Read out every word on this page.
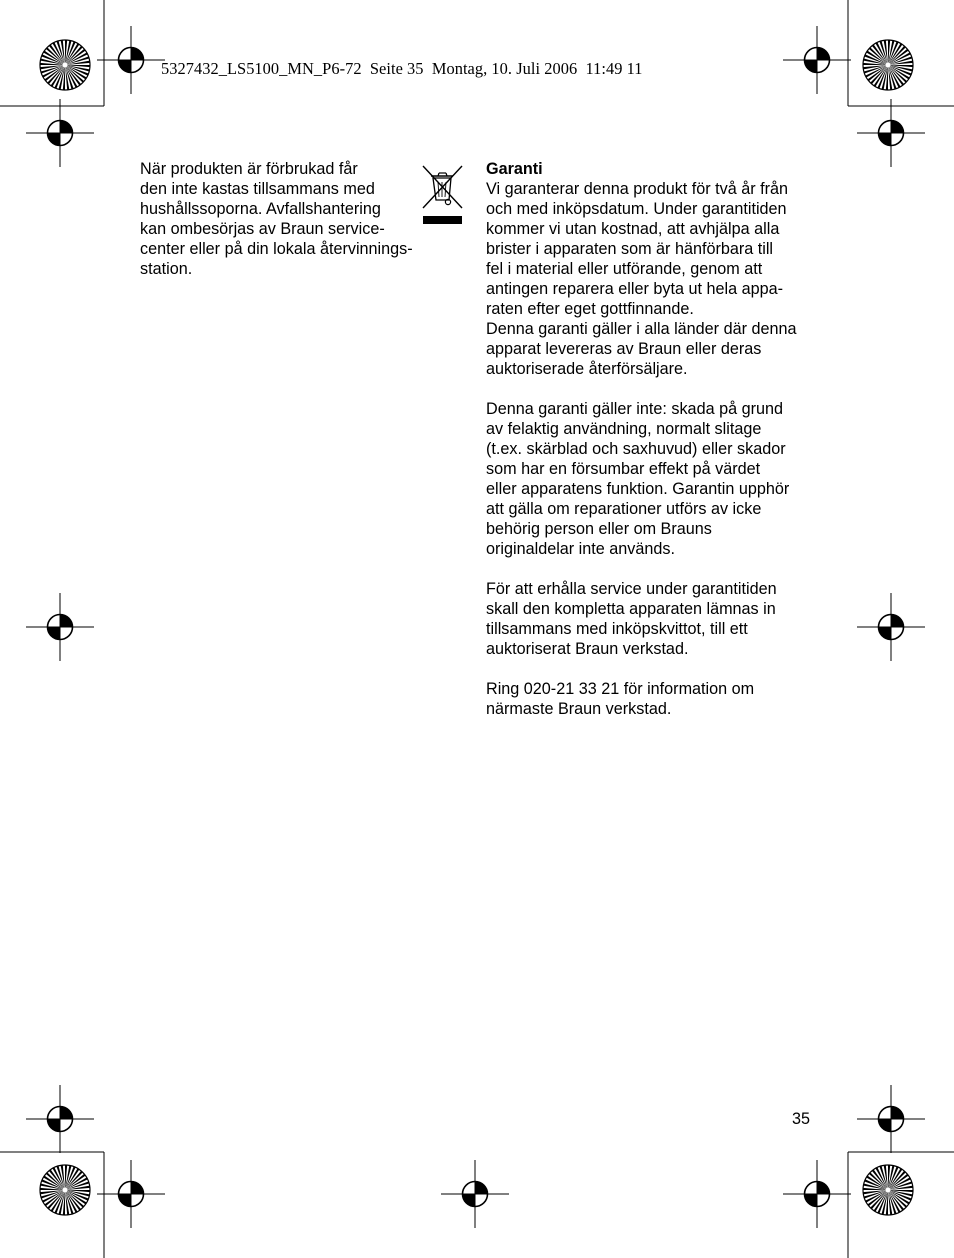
5327432_LS5100_MN_P6-72  Seite 35  Montag, 10. Juli 2006  11:49 11
När produkten är förbrukad får
den inte kastas tillsammans med
hushållssoporna. Avfallshantering
kan ombesörjas av Braun service-
center eller på din lokala återvinnings-
station.
Garanti
Vi garanterar denna produkt för två år från
och med inköpsdatum. Under garantitiden
kommer vi utan kostnad, att avhjälpa alla
brister i apparaten som är hänförbara till
fel i material eller utförande, genom att
antingen reparera eller byta ut hela appa-
raten efter eget gottfinnande.
Denna garanti gäller i alla länder där denna
apparat levereras av Braun eller deras
auktoriserade återförsäljare.
Denna garanti gäller inte: skada på grund
av felaktig användning, normalt slitage
(t.ex. skärblad och saxhuvud) eller skador
som har en försumbar effekt på värdet
eller apparatens funktion. Garantin upphör
att gälla om reparationer utförs av icke
behörig person eller om Brauns
originaldelar inte används.
För att erhålla service under garantitiden
skall den kompletta apparaten lämnas in
tillsammans med inköpskvittot, till ett
auktoriserat Braun verkstad.
Ring 020-21 33 21 för information om
närmaste Braun verkstad.
35
